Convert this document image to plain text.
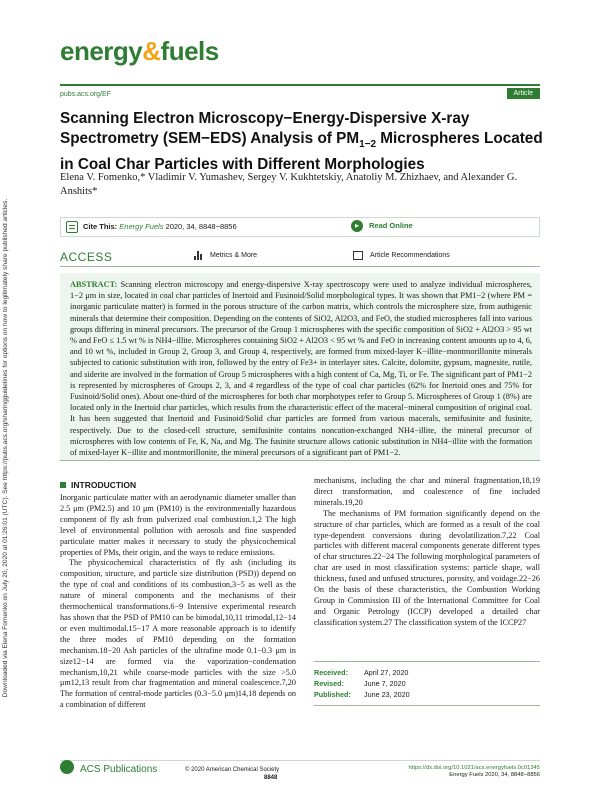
energy&fuels
pubs.acs.org/EF	Article
Scanning Electron Microscopy−Energy-Dispersive X-ray Spectrometry (SEM−EDS) Analysis of $PM_{1-2}$ Microspheres Located in Coal Char Particles with Different Morphologies
Elena V. Fomenko,* Vladimir V. Yumashev, Sergey V. Kukhtetskiy, Anatoliy M. Zhizhaev, and Alexander G. Anshits*
Cite This: Energy Fuels 2020, 34, 8848−8856	▸	Read Online
ACCESS	Metrics & More	Article Recommendations
ABSTRACT: Scanning electron microscopy and energy-dispersive X-ray spectroscopy were used to analyze individual microspheres, 1−2 μm in size, located in coal char particles of Inertoid and Fusinoid/Solid morphological types. It was shown that PM1−2 (where PM = inorganic particulate matter) is formed in the porous structure of the carbon matrix, which controls the microsphere size, from authigenic minerals that determine their composition. Depending on the contents of SiO2, Al2O3, and FeO, the studied microspheres fall into various groups differing in mineral precursors. The precursor of the Group 1 microspheres with the specific composition of SiO2 + Al2O3 > 95 wt % and FeO ≤ 1.5 wt % is NH4−illite. Microspheres containing SiO2 + Al2O3 < 95 wt % and FeO in increasing content amounts up to 4, 6, and 10 wt %, included in Group 2, Group 3, and Group 4, respectively, are formed from mixed-layer K−illite−montmorillonite minerals subjected to cationic substitution with iron, followed by the entry of Fe3+ in interlayer sites. Calcite, dolomite, gypsum, magnesite, rutile, and siderite are involved in the formation of Group 5 microspheres with a high content of Ca, Mg, Ti, or Fe. The significant part of PM1−2 is represented by microspheres of Groups 2, 3, and 4 regardless of the type of coal char particles (62% for Inertoid ones and 75% for Fusinoid/Solid ones). About one-third of the microspheres for both char morphotypes refer to Group 5. Microspheres of Group 1 (8%) are located only in the Inertoid char particles, which results from the characteristic effect of the maceral−mineral composition of original coal. It has been suggested that Inertoid and Fusinoid/Solid char particles are formed from various macerals, semifusinite and fusinite, respectively. Due to the closed-cell structure, semifusinite contains noncation-exchanged NH4−illite, the mineral precursor of microspheres with low contents of Fe, K, Na, and Mg. The fusinite structure allows cationic substitution in NH4−illite with the formation of mixed-layer K−illite and montmorillonite, the mineral precursors of a significant part of PM1−2.
Downloaded via Elena Fomenko on July 20, 2020 at 01:26:01 (UTC). See https://pubs.acs.org/sharingguidelines for options on how to legitimately share published articles.	INTRODUCTION

Inorganic particulate matter with an aerodynamic diameter smaller than 2.5 μm (PM2.5) and 10 μm (PM10) is the environmentally hazardous component of fly ash from pulverized coal combustion.1,2 The high level of environmental pollution with aerosols and fine suspended particulate matter makes it necessary to study the physicochemical properties of PMs, their origin, and the ways to reduce emissions.

The physicochemical characteristics of fly ash (including its composition, structure, and particle size distribution (PSD)) depend on the type of coal and conditions of its combustion,3−5 as well as the nature of mineral components and the mechanisms of their thermochemical transformations.6−9 Intensive experimental research has shown that the PSD of PM10 can be bimodal,10,11 trimodal,12−14 or even multimodal.15−17 A more reasonable approach is to identify the three modes of PM10 depending on the formation mechanism.18−20 Ash particles of the ultrafine mode 0.1−0.3 μm in size12−14 are formed via the vaporization−condensation mechanism,10,21 while coarse-mode particles with the size >5.0 μm12,13 result from char fragmentation and mineral coalescence.7,20 The formation of central-mode particles (0.3−5.0 μm)14,18 depends on a combination of different

mechanisms, including the char and mineral fragmentation,18,19 direct transformation, and coalescence of fine included minerals.19,20

The mechanisms of PM formation significantly depend on the structure of char particles, which are formed as a result of the coal type-dependent conversions during devolatilization.7,22 Coal particles with different maceral components generate different types of char structures.22−24 The following morphological parameters of char are used in most classification systems: particle shape, wall thickness, fused and unfused structures, porosity, and voidage.22−26 On the basis of these characteristics, the Combustion Working Group in Commission III of the International Committee for Coal and Organic Petrology (ICCP) developed a detailed char classification system.27 The classification system of the ICCP27

Received: April 27, 2020
Revised:	June 7, 2020
Published: June 23, 2020
ACS Publications	© 2020 American Chemical Society
8848
https://dx.doi.org/10.1021/acs.energyfuels.0c01345
Energy Fuels 2020, 34, 8848−8856
